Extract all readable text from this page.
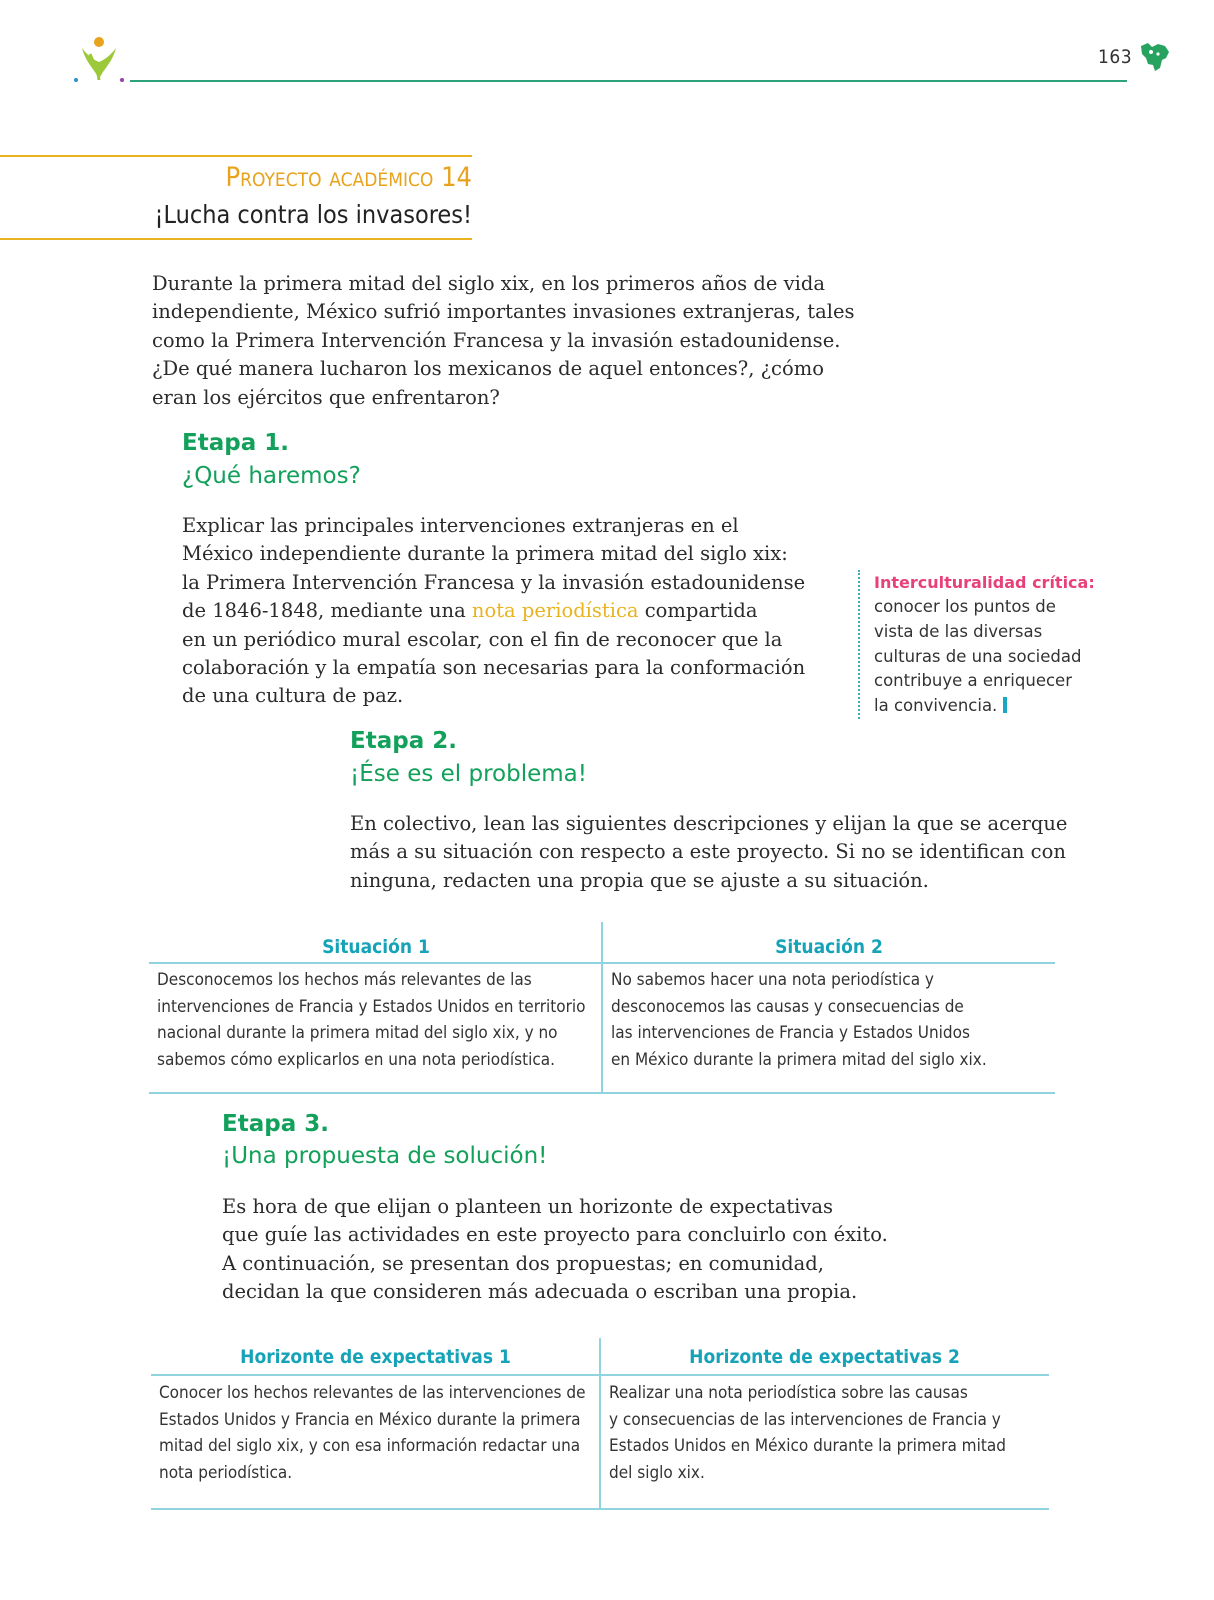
163
Proyecto académico 14
¡Lucha contra los invasores!
Durante la primera mitad del siglo xix, en los primeros años de vida
independiente, México sufrió importantes invasiones extranjeras, tales
como la Primera Intervención Francesa y la invasión estadounidense.
¿De qué manera lucharon los mexicanos de aquel entonces?, ¿cómo
eran los ejércitos que enfrentaron?
Etapa 1.
¿Qué haremos?
Explicar las principales intervenciones extranjeras en el
México independiente durante la primera mitad del siglo xix:
la Primera Intervención Francesa y la invasión estadounidense
de 1846-1848, mediante una nota periodística compartida
en un periódico mural escolar, con el fin de reconocer que la
colaboración y la empatía son necesarias para la conformación
de una cultura de paz.
Interculturalidad crítica:
conocer los puntos de
vista de las diversas
culturas de una sociedad
contribuye a enriquecer
la convivencia.
Etapa 2.
¡Ése es el problema!
En colectivo, lean las siguientes descripciones y elijan la que se acerque
más a su situación con respecto a este proyecto. Si no se identifican con
ninguna, redacten una propia que se ajuste a su situación.
Situación 1	Situación 2
Desconocemos los hechos más relevantes de las
intervenciones de Francia y Estados Unidos en territorio
nacional durante la primera mitad del siglo xix, y no
sabemos cómo explicarlos en una nota periodística.
No sabemos hacer una nota periodística y
desconocemos las causas y consecuencias de
las intervenciones de Francia y Estados Unidos
en México durante la primera mitad del siglo xix.
Etapa 3.
¡Una propuesta de solución!
Es hora de que elijan o planteen un horizonte de expectativas
que guíe las actividades en este proyecto para concluirlo con éxito.
A continuación, se presentan dos propuestas; en comunidad,
decidan la que consideren más adecuada o escriban una propia.
Horizonte de expectativas 1	Horizonte de expectativas 2
Conocer los hechos relevantes de las intervenciones de
Estados Unidos y Francia en México durante la primera
mitad del siglo xix, y con esa información redactar una
nota periodística.
Realizar una nota periodística sobre las causas
y consecuencias de las intervenciones de Francia y
Estados Unidos en México durante la primera mitad
del siglo xix.
